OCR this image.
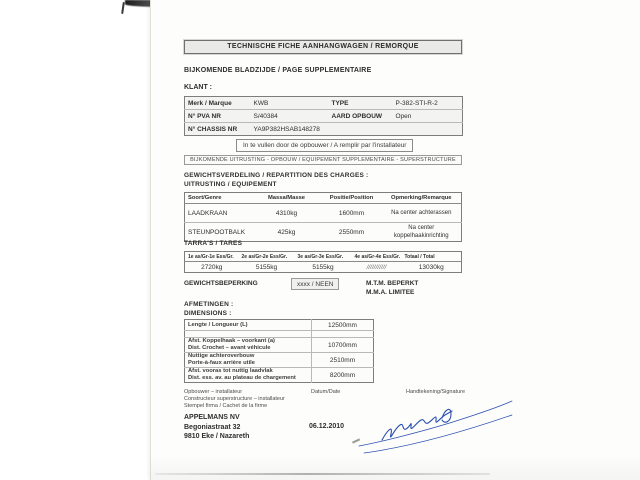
TECHNISCHE FICHE AANHANGWAGEN / REMORQUE
BIJKOMENDE BLADZIJDE / PAGE SUPPLEMENTAIRE
KLANT :
Merk / Marque	KWB	TYPE	P-382-STI-R-2
N° PVA NR	S/40384	AARD OPBOUW	Open
N° CHASSIS NR	YA9P382HSAB148278		
In te vullen door de opbouwer / A remplir par l'installateur
BIJKOMENDE UITRUSTING - OPBOUW / EQUIPEMENT SUPPLEMENTAIRE - SUPERSTRUCTURE
GEWICHTSVERDELING / REPARTITION DES CHARGES :
UITRUSTING / EQUIPEMENT
Soort/Genre	Massa/Masse	Positie/Position	Opmerking/Remarque
LAADKRAAN	4310kg	1600mm	Na center achterassen
STEUNPOOTBALK	425kg	2550mm	Na center koppelhaakinrichting
TARRA'S / TARES
1e as/Gr-1e Ess/Gr.	2e as/Gr-2e Ess/Gr.	3e as/Gr-3e Ess/Gr.	4e as/Gr-4e Ess/Gr.	Totaal / Total
2720kg	5155kg	5155kg	///////////	13030kg
GEWICHTSBEPERKING	xxxx / NEEN	M.T.M. BEPERKT
M.M.A. LIMITEE
AFMETINGEN :
DIMENSIONS :
Lengte / Longueur (L)	12500mm

Afst. Koppelhaak – voorkant (a)
Dist. Crochet – avant véhicule	10700mm

Nuttige achteroverbouw
Porte-à-faux arrière utile	2510mm

Afst. vooras tot nuttig laadvlak
Dist. ess. av. au plateau de chargement	8200mm
Opbouwer – installateur
Constructeur superstructure – installateur
Stempel firma / Cachet de la firme
Datum/Date	Handtekening/Signature
APPELMANS NV
Begoniastraat 32
9810 Eke / Nazareth
06.12.2010
